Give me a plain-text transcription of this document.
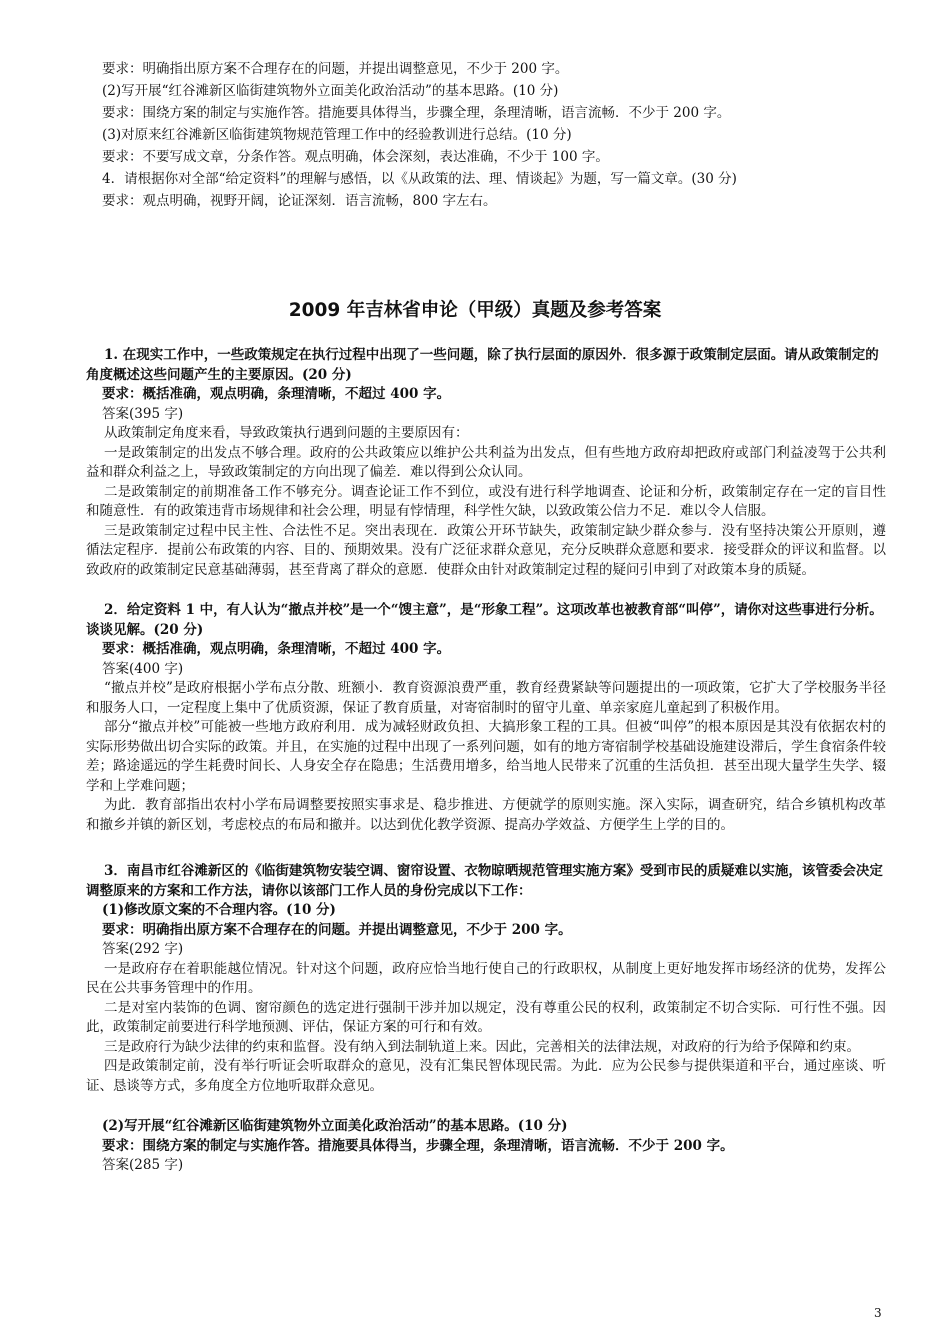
要求：明确指出原方案不合理存在的问题，并提出调整意见，不少于 200 字。
(2)写开展“红谷滩新区临街建筑物外立面美化政治活动”的基本思路。(10 分)
要求：围绕方案的制定与实施作答。措施要具体得当，步骤全理，条理清晰，语言流畅．不少于 200 字。
(3)对原来红谷滩新区临街建筑物规范管理工作中的经验教训进行总结。(10 分)
要求：不要写成文章，分条作答。观点明确，体会深刻，表达准确，不少于 100 字。
4．请根据你对全部“给定资料”的理解与感悟，以《从政策的法、理、情谈起》为题，写一篇文章。(30 分)
要求：观点明确，视野开阔，论证深刻．语言流畅，800 字左右。
2009 年吉林省申论（甲级）真题及参考答案

1. 在现实工作中，一些政策规定在执行过程中出现了一些问题，除了执行层面的原因外．很多源于政策制定层面。请从政策制定的角度概述这些问题产生的主要原因。(20 分)

要求：概括准确，观点明确，条理清晰，不超过 400 字。

答案(395 字)

从政策制定角度来看，导致政策执行遇到问题的主要原因有：

一是政策制定的出发点不够合理。政府的公共政策应以维护公共利益为出发点，但有些地方政府却把政府或部门利益凌驾于公共利益和群众利益之上，导致政策制定的方向出现了偏差．难以得到公众认同。

二是政策制定的前期准备工作不够充分。调查论证工作不到位，或没有进行科学地调查、论证和分析，政策制定存在一定的盲目性和随意性．有的政策违背市场规律和社会公理，明显有悖情理，科学性欠缺，以致政策公信力不足．难以令人信服。

三是政策制定过程中民主性、合法性不足。突出表现在．政策公开环节缺失，政策制定缺少群众参与．没有坚持决策公开原则，遵循法定程序．提前公布政策的内容、目的、预期效果。没有广泛征求群众意见，充分反映群众意愿和要求．接受群众的评议和监督。以致政府的政策制定民意基础薄弱，甚至背离了群众的意愿．使群众由针对政策制定过程的疑问引申到了对政策本身的质疑。

2．给定资料 1 中，有人认为“撤点并校”是一个“馊主意”，是“形象工程”。这项改革也被教育部“叫停”，请你对这些事进行分析。谈谈见解。(20 分)

要求：概括准确，观点明确，条理清晰，不超过 400 字。

答案(400 字)

“撤点并校”是政府根据小学布点分散、班额小．教育资源浪费严重，教育经费紧缺等问题提出的一项政策，它扩大了学校服务半径和服务人口，一定程度上集中了优质资源，保证了教育质量，对寄宿制时的留守儿童、单亲家庭儿童起到了积极作用。

部分“撤点并校”可能被一些地方政府利用．成为减轻财政负担、大搞形象工程的工具。但被“叫停”的根本原因是其没有依据农村的实际形势做出切合实际的政策。并且，在实施的过程中出现了一系列问题，如有的地方寄宿制学校基础设施建设滞后，学生食宿条件较差；路途遥远的学生耗费时间长、人身安全存在隐患；生活费用增多，给当地人民带来了沉重的生活负担．甚至出现大量学生失学、辍学和上学难问题；

为此．教育部指出农村小学布局调整要按照实事求是、稳步推进、方便就学的原则实施。深入实际，调查研究，结合乡镇机构改革和撤乡并镇的新区划，考虑校点的布局和撤并。以达到优化教学资源、提高办学效益、方便学生上学的目的。

3．南昌市红谷滩新区的《临街建筑物安装空调、窗帘设置、衣物晾晒规范管理实施方案》受到市民的质疑难以实施，该管委会决定调整原来的方案和工作方法，请你以该部门工作人员的身份完成以下工作：

(1)修改原文案的不合理内容。(10 分)

要求：明确指出原方案不合理存在的问题。并提出调整意见，不少于 200 字。

答案(292 字)

一是政府存在着职能越位情况。针对这个问题，政府应恰当地行使自己的行政职权，从制度上更好地发挥市场经济的优势，发挥公民在公共事务管理中的作用。

二是对室内装饰的色调、窗帘颜色的选定进行强制干涉并加以规定，没有尊重公民的权利，政策制定不切合实际．可行性不强。因此，政策制定前要进行科学地预测、评估，保证方案的可行和有效。

三是政府行为缺少法律的约束和监督。没有纳入到法制轨道上来。因此，完善相关的法律法规，对政府的行为给予保障和约束。

四是政策制定前，没有举行听证会听取群众的意见，没有汇集民智体现民需。为此．应为公民参与提供渠道和平台，通过座谈、听证、恳谈等方式，多角度全方位地听取群众意见。

(2)写开展“红谷滩新区临街建筑物外立面美化政治活动”的基本思路。(10 分)

要求：围绕方案的制定与实施作答。措施要具体得当，步骤全理，条理清晰，语言流畅．不少于 200 字。

答案(285 字)

3
